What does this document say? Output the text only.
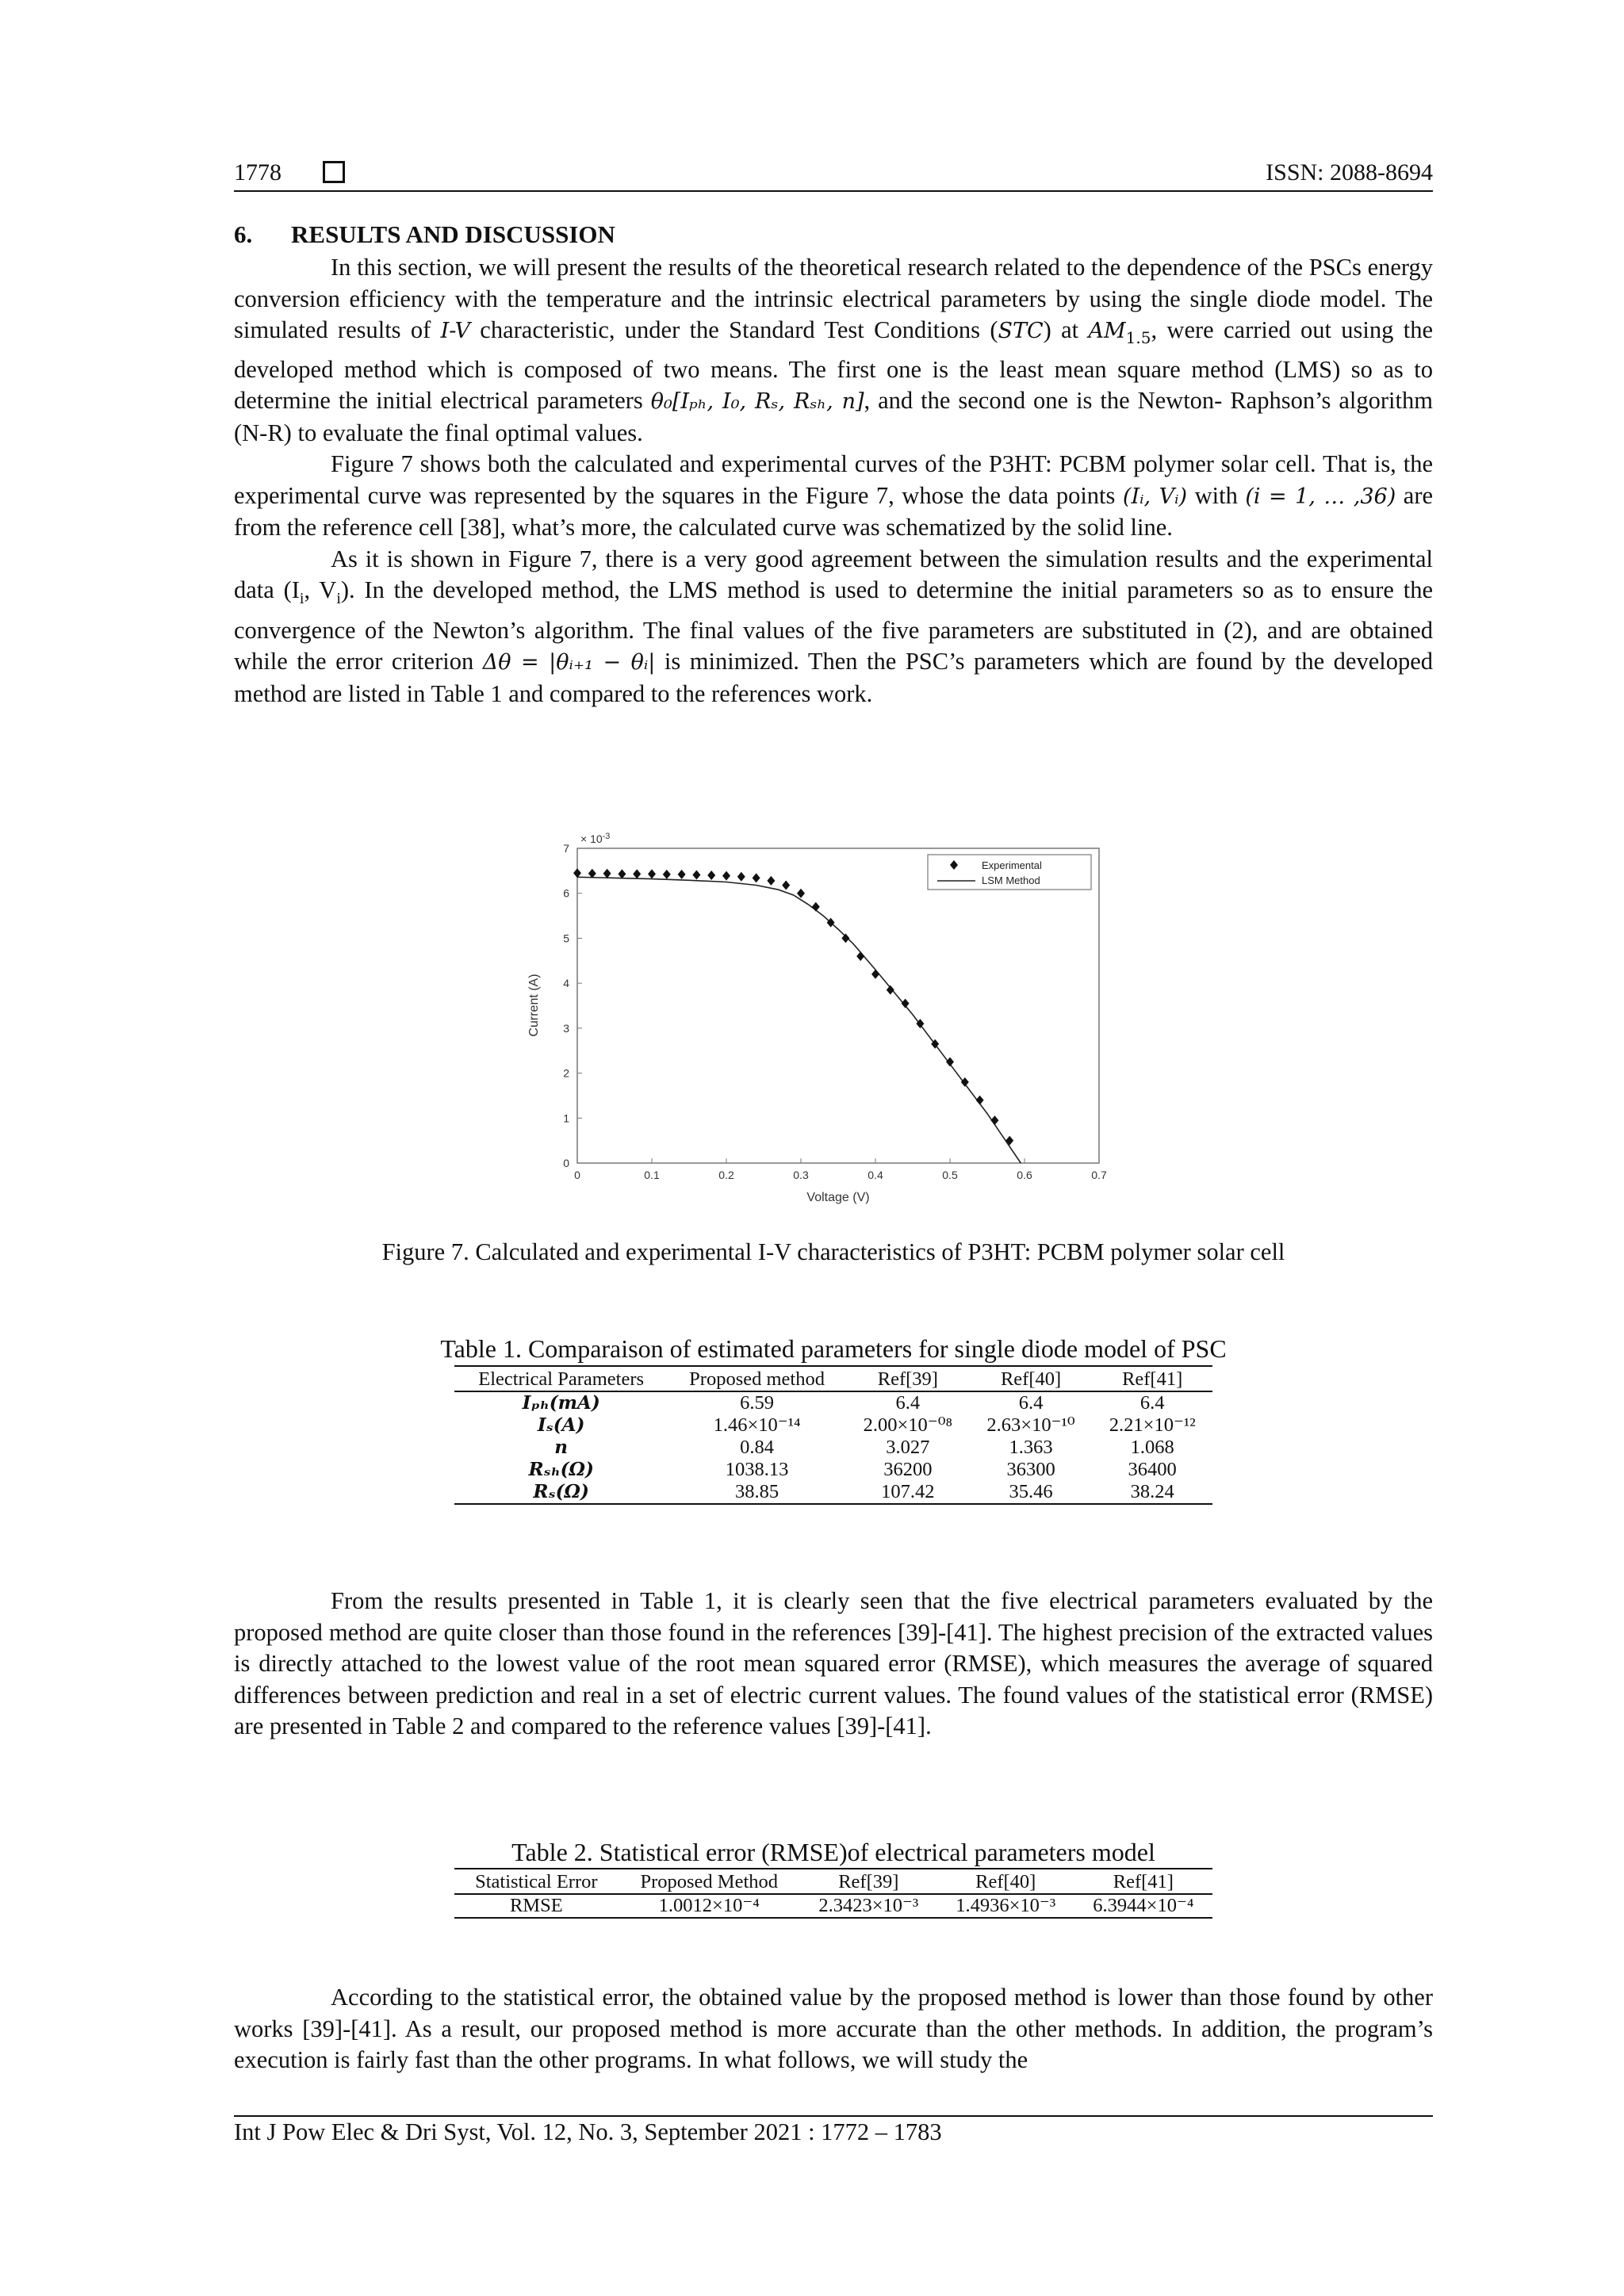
1778	ISSN: 2088-8694
6. RESULTS AND DISCUSSION

In this section, we will present the results of the theoretical research related to the dependence of the PSCs energy conversion efficiency with the temperature and the intrinsic electrical parameters by using the single diode model. The simulated results of I-V characteristic, under the Standard Test Conditions (STC) at $AM_{1.5}$, were carried out using the developed method which is composed of two means. The first one is the least mean square method (LMS) so as to determine the initial electrical parameters θ₀[Iₚₕ, I₀, Rₛ, Rₛₕ, n], and the second one is the Newton- Raphson’s algorithm (N-R) to evaluate the final optimal values.

Figure 7 shows both the calculated and experimental curves of the P3HT: PCBM polymer solar cell. That is, the experimental curve was represented by the squares in the Figure 7, whose the data points (Iᵢ, Vᵢ) with (i = 1, … ,36) are from the reference cell [38], what’s more, the calculated curve was schematized by the solid line.

As it is shown in Figure 7, there is a very good agreement between the simulation results and the experimental data ($I_i$, $V_i$). In the developed method, the LMS method is used to determine the initial parameters so as to ensure the convergence of the Newton’s algorithm. The final values of the five parameters are substituted in (2), and are obtained while the error criterion Δθ = |θᵢ₊₁ − θᵢ| is minimized. Then the PSC’s parameters which are found by the developed method are listed in Table 1 and compared to the references work.

0	0.1	0.2	0.3	0.4	0.5	0.6	0.7
0
1
2
3
4
5
6
7
× $10^{-3}$
Voltage (V)
Current (A)
Experimental
LSM Method
Figure 7. Calculated and experimental I-V characteristics of P3HT: PCBM polymer solar cell
Table 1. Comparaison of estimated parameters for single diode model of PSC
Electrical Parameters	Proposed method	Ref[39]	Ref[40]	Ref[41]
Iₚₕ(mA)	6.59	6.4	6.4	6.4
Iₛ(A)	1.46×10⁻¹⁴	2.00×10⁻⁰⁸	2.63×10⁻¹⁰	2.21×10⁻¹²
n	0.84	3.027	1.363	1.068
Rₛₕ(Ω)	1038.13	36200	36300	36400
Rₛ(Ω)	38.85	107.42	35.46	38.24

From the results presented in Table 1, it is clearly seen that the five electrical parameters evaluated by the proposed method are quite closer than those found in the references [39]-[41]. The highest precision of the extracted values is directly attached to the lowest value of the root mean squared error (RMSE), which measures the average of squared differences between prediction and real in a set of electric current values. The found values of the statistical error (RMSE) are presented in Table 2 and compared to the reference values [39]-[41].

Table 2. Statistical error (RMSE)of electrical parameters model
Statistical Error	Proposed Method	Ref[39]	Ref[40]	Ref[41]
RMSE	1.0012×10⁻⁴	2.3423×10⁻³	1.4936×10⁻³	6.3944×10⁻⁴

According to the statistical error, the obtained value by the proposed method is lower than those found by other works [39]-[41]. As a result, our proposed method is more accurate than the other methods. In addition, the program’s execution is fairly fast than the other programs. In what follows, we will study the

Int J Pow Elec & Dri Syst, Vol. 12, No. 3, September 2021 : 1772 – 1783
